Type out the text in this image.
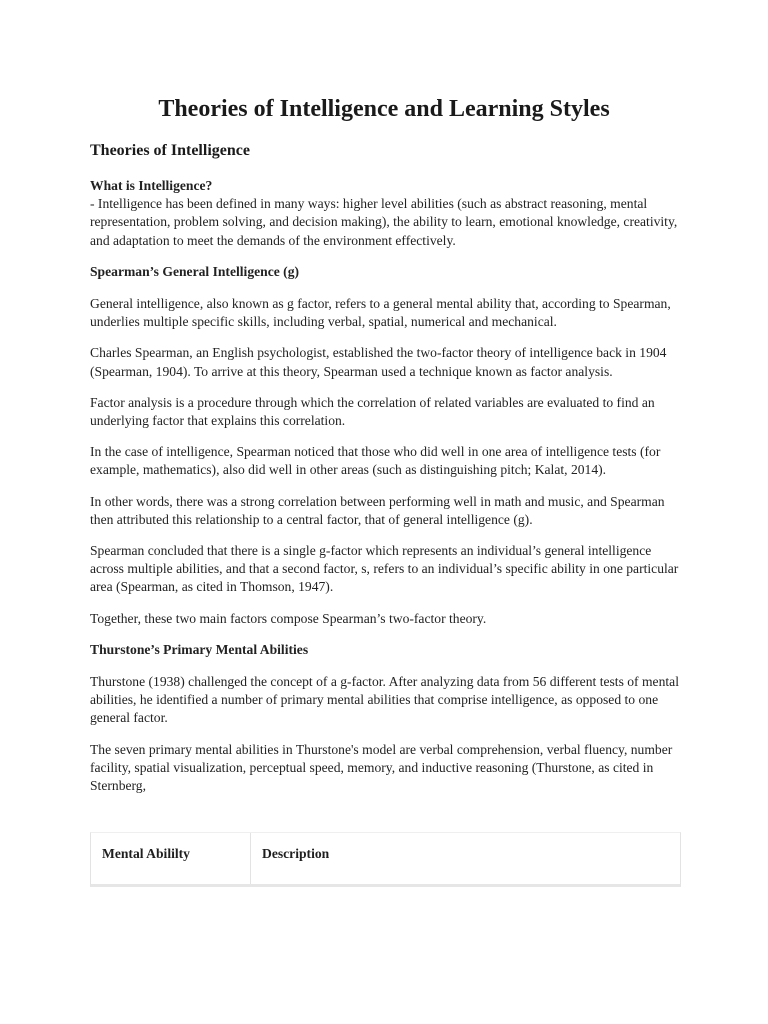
Theories of Intelligence and Learning Styles
Theories of Intelligence

What is Intelligence?
- Intelligence has been defined in many ways: higher level abilities (such as abstract reasoning, mental representation, problem solving, and decision making), the ability to learn, emotional knowledge, creativity, and adaptation to meet the demands of the environment effectively.

Spearman’s General Intelligence (g)

General intelligence, also known as g factor, refers to a general mental ability that, according to Spearman, underlies multiple specific skills, including verbal, spatial, numerical and mechanical.

Charles Spearman, an English psychologist, established the two-factor theory of intelligence back in 1904 (Spearman, 1904). To arrive at this theory, Spearman used a technique known as factor analysis.

Factor analysis is a procedure through which the correlation of related variables are evaluated to find an underlying factor that explains this correlation.

In the case of intelligence, Spearman noticed that those who did well in one area of intelligence tests (for example, mathematics), also did well in other areas (such as distinguishing pitch; Kalat, 2014).

In other words, there was a strong correlation between performing well in math and music, and Spearman then attributed this relationship to a central factor, that of general intelligence (g).

Spearman concluded that there is a single g-factor which represents an individual’s general intelligence across multiple abilities, and that a second factor, s, refers to an individual’s specific ability in one particular area (Spearman, as cited in Thomson, 1947).

Together, these two main factors compose Spearman’s two-factor theory.

Thurstone’s Primary Mental Abilities

Thurstone (1938) challenged the concept of a g-factor. After analyzing data from 56 different tests of mental abilities, he identified a number of primary mental abilities that comprise intelligence, as opposed to one general factor.

The seven primary mental abilities in Thurstone's model are verbal comprehension, verbal fluency, number facility, spatial visualization, perceptual speed, memory, and inductive reasoning (Thurstone, as cited in Sternberg,

Mental Abililty	Description
